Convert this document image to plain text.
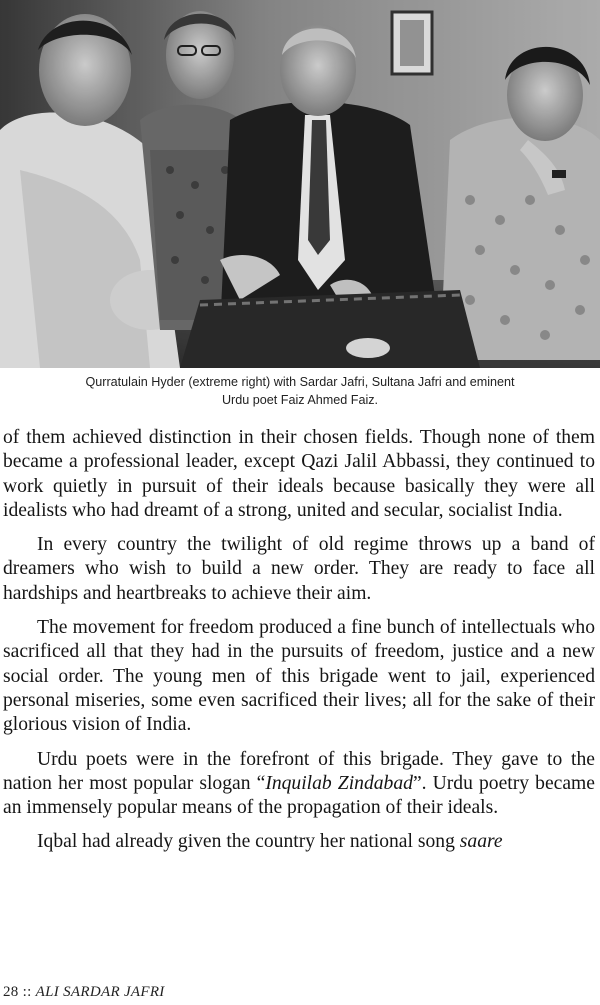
Qurratulain Hyder (extreme right) with Sardar Jafri, Sultana Jafri and eminent
Urdu poet Faiz Ahmed Faiz.

of them achieved distinction in their chosen fields. Though none of them became a professional leader, except Qazi Jalil Abbassi, they continued to work quietly in pursuit of their ideals because basically they were all idealists who had dreamt of a strong, united and secular, socialist India.

In every country the twilight of old regime throws up a band of dreamers who wish to build a new order. They are ready to face all hardships and heartbreaks to achieve their aim.

The movement for freedom produced a fine bunch of intellectuals who sacrificed all that they had in the pursuits of freedom, justice and a new social order. The young men of this brigade went to jail, experienced personal miseries, some even sacrificed their lives; all for the sake of their glorious vision of India.

Urdu poets were in the forefront of this brigade. They gave to the nation her most popular slogan “Inquilab Zindabad”. Urdu poetry became an immensely popular means of the propagation of their ideals.

Iqbal had already given the country her national song saare

28 :: ALI SARDAR JAFRI
